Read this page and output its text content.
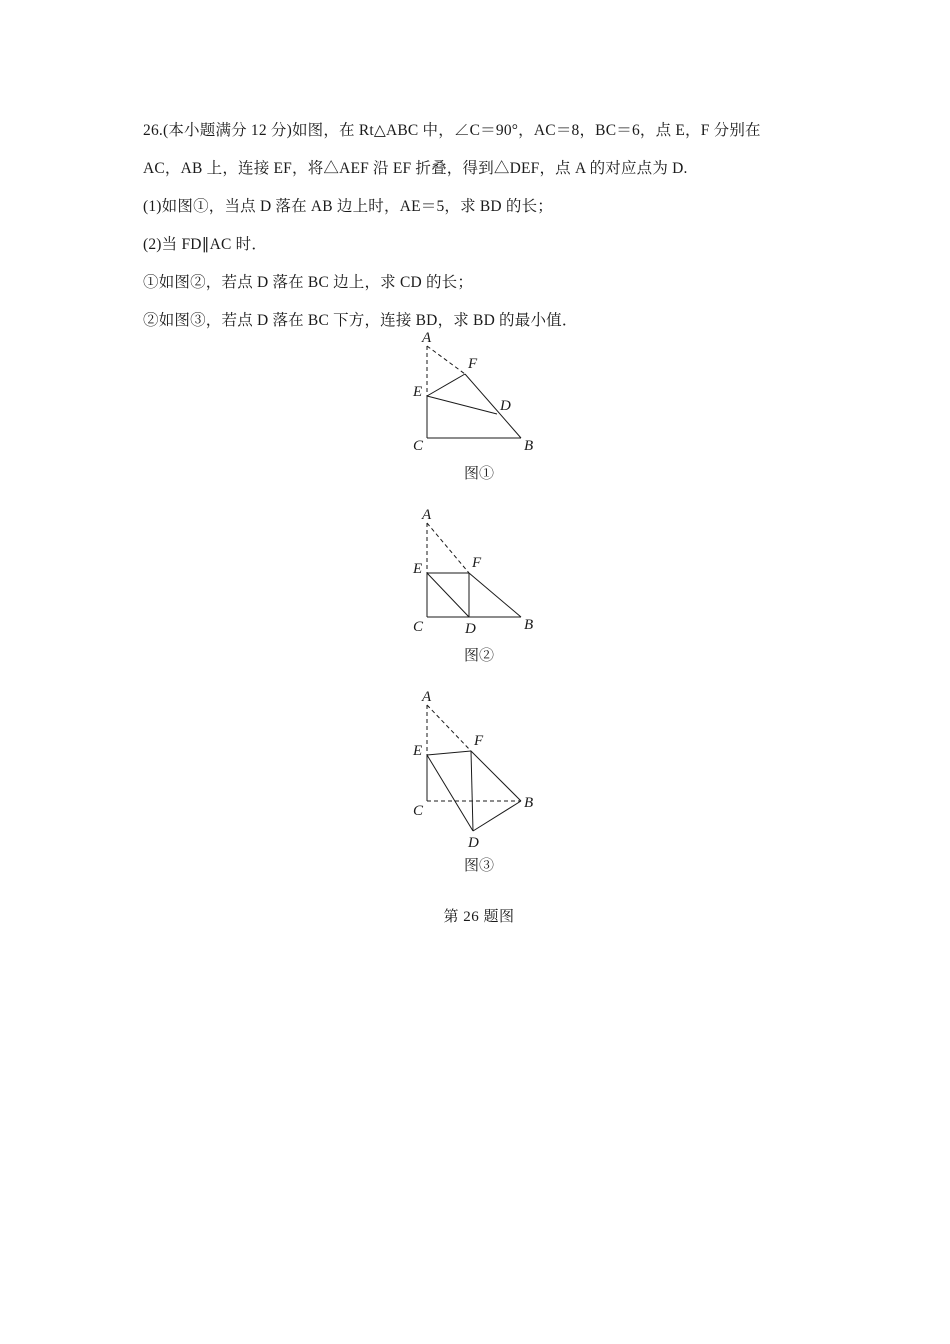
26.(本小题满分 12 分)如图，在 Rt△ABC 中，∠C＝90°，AC＝8，BC＝6，点 E，F 分别在
AC，AB 上，连接 EF，将△AEF 沿 EF 折叠，得到△DEF，点 A 的对应点为 D.
(1)如图①，当点 D 落在 AB 边上时，AE＝5，求 BD 的长；
(2)当 FD∥AC 时．
①如图②，若点 D 落在 BC 边上，求 CD 的长；
②如图③，若点 D 落在 BC 下方，连接 BD，求 BD 的最小值．
A
F
E
D
C	B
图①
A
F
E
D
C	B
图②
A
F
E
C	B
D
图③
第 26 题图
